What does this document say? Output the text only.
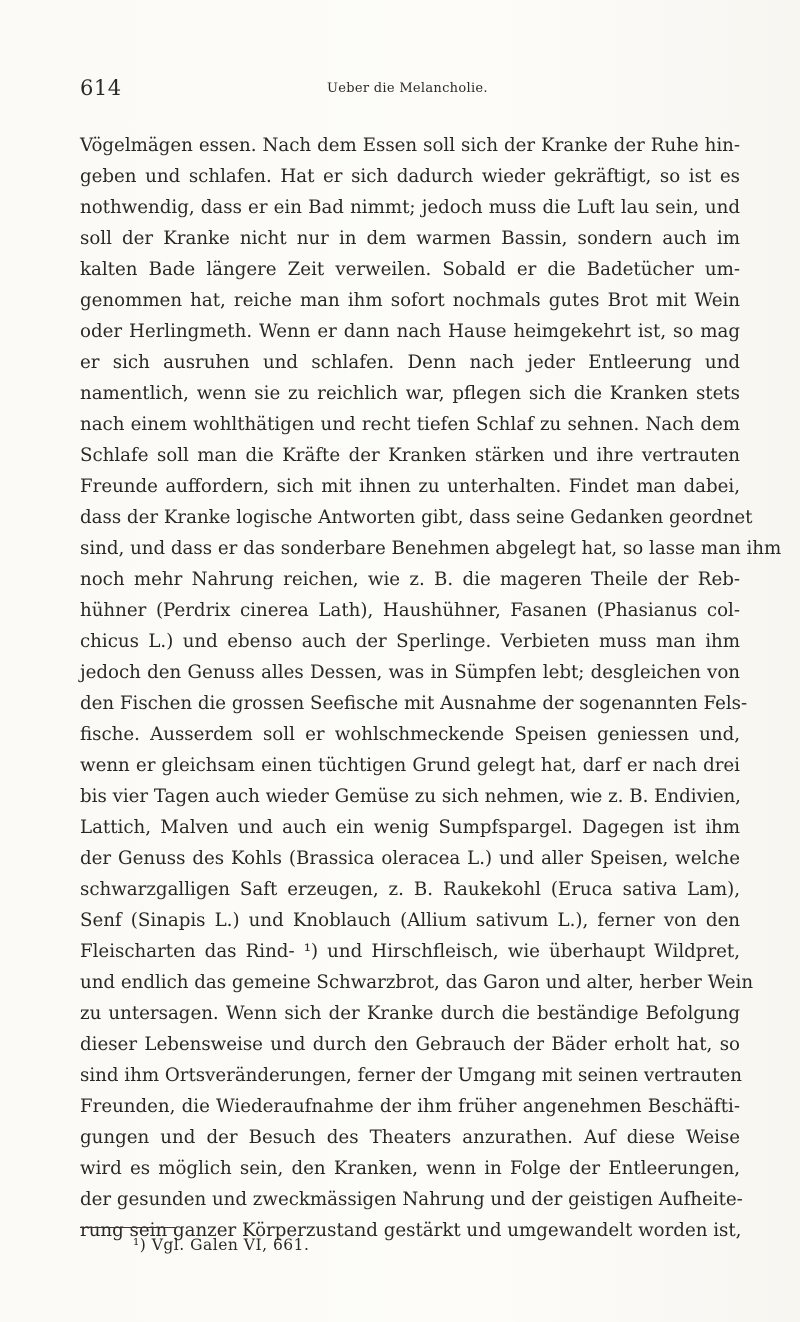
614	Ueber die Melancholie.
Vögelmägen essen. Nach dem Essen soll sich der Kranke der Ruhe hin-
geben und schlafen. Hat er sich dadurch wieder gekräftigt, so ist es
nothwendig, dass er ein Bad nimmt; jedoch muss die Luft lau sein, und
soll der Kranke nicht nur in dem warmen Bassin, sondern auch im
kalten Bade längere Zeit verweilen. Sobald er die Badetücher um-
genommen hat, reiche man ihm sofort nochmals gutes Brot mit Wein
oder Herlingmeth. Wenn er dann nach Hause heimgekehrt ist, so mag
er sich ausruhen und schlafen. Denn nach jeder Entleerung und
namentlich, wenn sie zu reichlich war, pflegen sich die Kranken stets
nach einem wohlthätigen und recht tiefen Schlaf zu sehnen. Nach dem
Schlafe soll man die Kräfte der Kranken stärken und ihre vertrauten
Freunde auffordern, sich mit ihnen zu unterhalten. Findet man dabei,
dass der Kranke logische Antworten gibt, dass seine Gedanken geordnet
sind, und dass er das sonderbare Benehmen abgelegt hat, so lasse man ihm
noch mehr Nahrung reichen, wie z. B. die mageren Theile der Reb-
hühner (Perdrix cinerea Lath), Haushühner, Fasanen (Phasianus col-
chicus L.) und ebenso auch der Sperlinge. Verbieten muss man ihm
jedoch den Genuss alles Dessen, was in Sümpfen lebt; desgleichen von
den Fischen die grossen Seefische mit Ausnahme der sogenannten Fels-
fische. Ausserdem soll er wohlschmeckende Speisen geniessen und,
wenn er gleichsam einen tüchtigen Grund gelegt hat, darf er nach drei
bis vier Tagen auch wieder Gemüse zu sich nehmen, wie z. B. Endivien,
Lattich, Malven und auch ein wenig Sumpfspargel. Dagegen ist ihm
der Genuss des Kohls (Brassica oleracea L.) und aller Speisen, welche
schwarzgalligen Saft erzeugen, z. B. Raukekohl (Eruca sativa Lam),
Senf (Sinapis L.) und Knoblauch (Allium sativum L.), ferner von den
Fleischarten das Rind- ¹) und Hirschfleisch, wie überhaupt Wildpret,
und endlich das gemeine Schwarzbrot, das Garon und alter, herber Wein
zu untersagen. Wenn sich der Kranke durch die beständige Befolgung
dieser Lebensweise und durch den Gebrauch der Bäder erholt hat, so
sind ihm Ortsveränderungen, ferner der Umgang mit seinen vertrauten
Freunden, die Wiederaufnahme der ihm früher angenehmen Beschäfti-
gungen und der Besuch des Theaters anzurathen. Auf diese Weise
wird es möglich sein, den Kranken, wenn in Folge der Entleerungen,
der gesunden und zweckmässigen Nahrung und der geistigen Aufheite-
rung sein ganzer Körperzustand gestärkt und umgewandelt worden ist,
¹) Vgl. Galen VI, 661.
